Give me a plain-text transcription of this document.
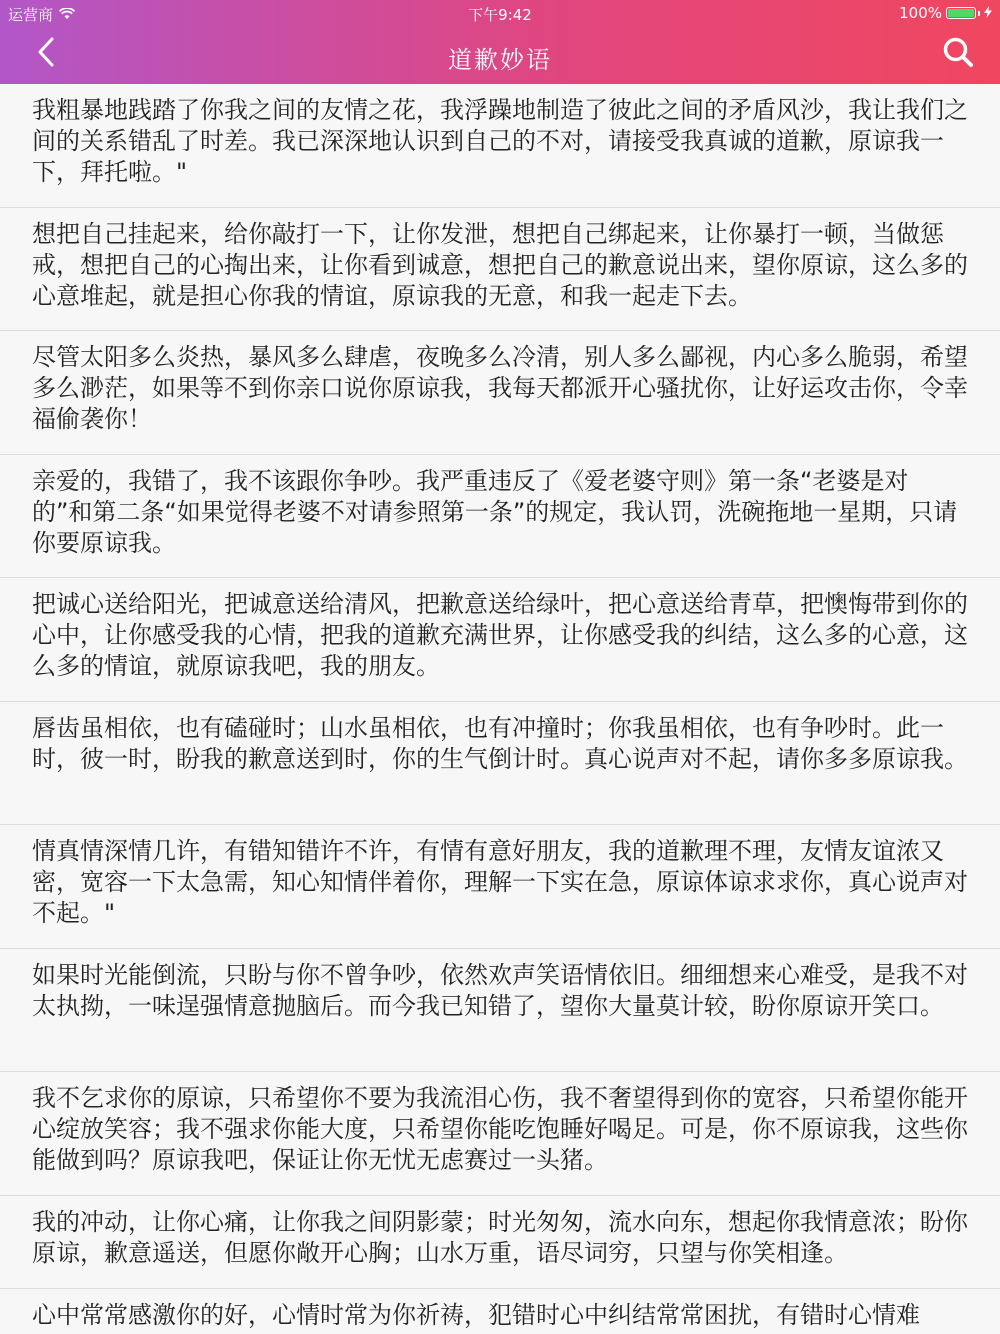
运营商	下午9:42	100%
道歉妙语

我粗暴地践踏了你我之间的友情之花，我浮躁地制造了彼此之间的矛盾风沙，我让我们之间的关系错乱了时差。我已深深地认识到自己的不对，请接受我真诚的道歉，原谅我一下，拜托啦。"

想把自己挂起来，给你敲打一下，让你发泄，想把自己绑起来，让你暴打一顿，当做惩戒，想把自己的心掏出来，让你看到诚意，想把自己的歉意说出来，望你原谅，这么多的心意堆起，就是担心你我的情谊，原谅我的无意，和我一起走下去。

尽管太阳多么炎热，暴风多么肆虐，夜晚多么冷清，别人多么鄙视，内心多么脆弱，希望多么渺茫，如果等不到你亲口说你原谅我，我每天都派开心骚扰你，让好运攻击你，令幸福偷袭你！

亲爱的，我错了，我不该跟你争吵。我严重违反了《爱老婆守则》第一条“老婆是对的”和第二条“如果觉得老婆不对请参照第一条”的规定，我认罚，洗碗拖地一星期，只请你要原谅我。

把诚心送给阳光，把诚意送给清风，把歉意送给绿叶，把心意送给青草，把懊悔带到你的心中，让你感受我的心情，把我的道歉充满世界，让你感受我的纠结，这么多的心意，这么多的情谊，就原谅我吧，我的朋友。

唇齿虽相依，也有磕碰时；山水虽相依，也有冲撞时；你我虽相依，也有争吵时。此一时，彼一时，盼我的歉意送到时，你的生气倒计时。真心说声对不起，请你多多原谅我。

情真情深情几许，有错知错许不许，有情有意好朋友，我的道歉理不理，友情友谊浓又密，宽容一下太急需，知心知情伴着你，理解一下实在急，原谅体谅求求你，真心说声对不起。"

如果时光能倒流，只盼与你不曾争吵，依然欢声笑语情依旧。细细想来心难受，是我不对太执拗，一味逞强情意抛脑后。而今我已知错了，望你大量莫计较，盼你原谅开笑口。

我不乞求你的原谅，只希望你不要为我流泪心伤，我不奢望得到你的宽容，只希望你能开心绽放笑容；我不强求你能大度，只希望你能吃饱睡好喝足。可是，你不原谅我，这些你能做到吗？原谅我吧，保证让你无忧无虑赛过一头猪。

我的冲动，让你心痛，让你我之间阴影蒙；时光匆匆，流水向东，想起你我情意浓；盼你原谅，歉意遥送，但愿你敞开心胸；山水万重，语尽词穷，只望与你笑相逢。

心中常常感激你的好，心情时常为你祈祷，犯错时心中纠结常常困扰，有错时心情难
